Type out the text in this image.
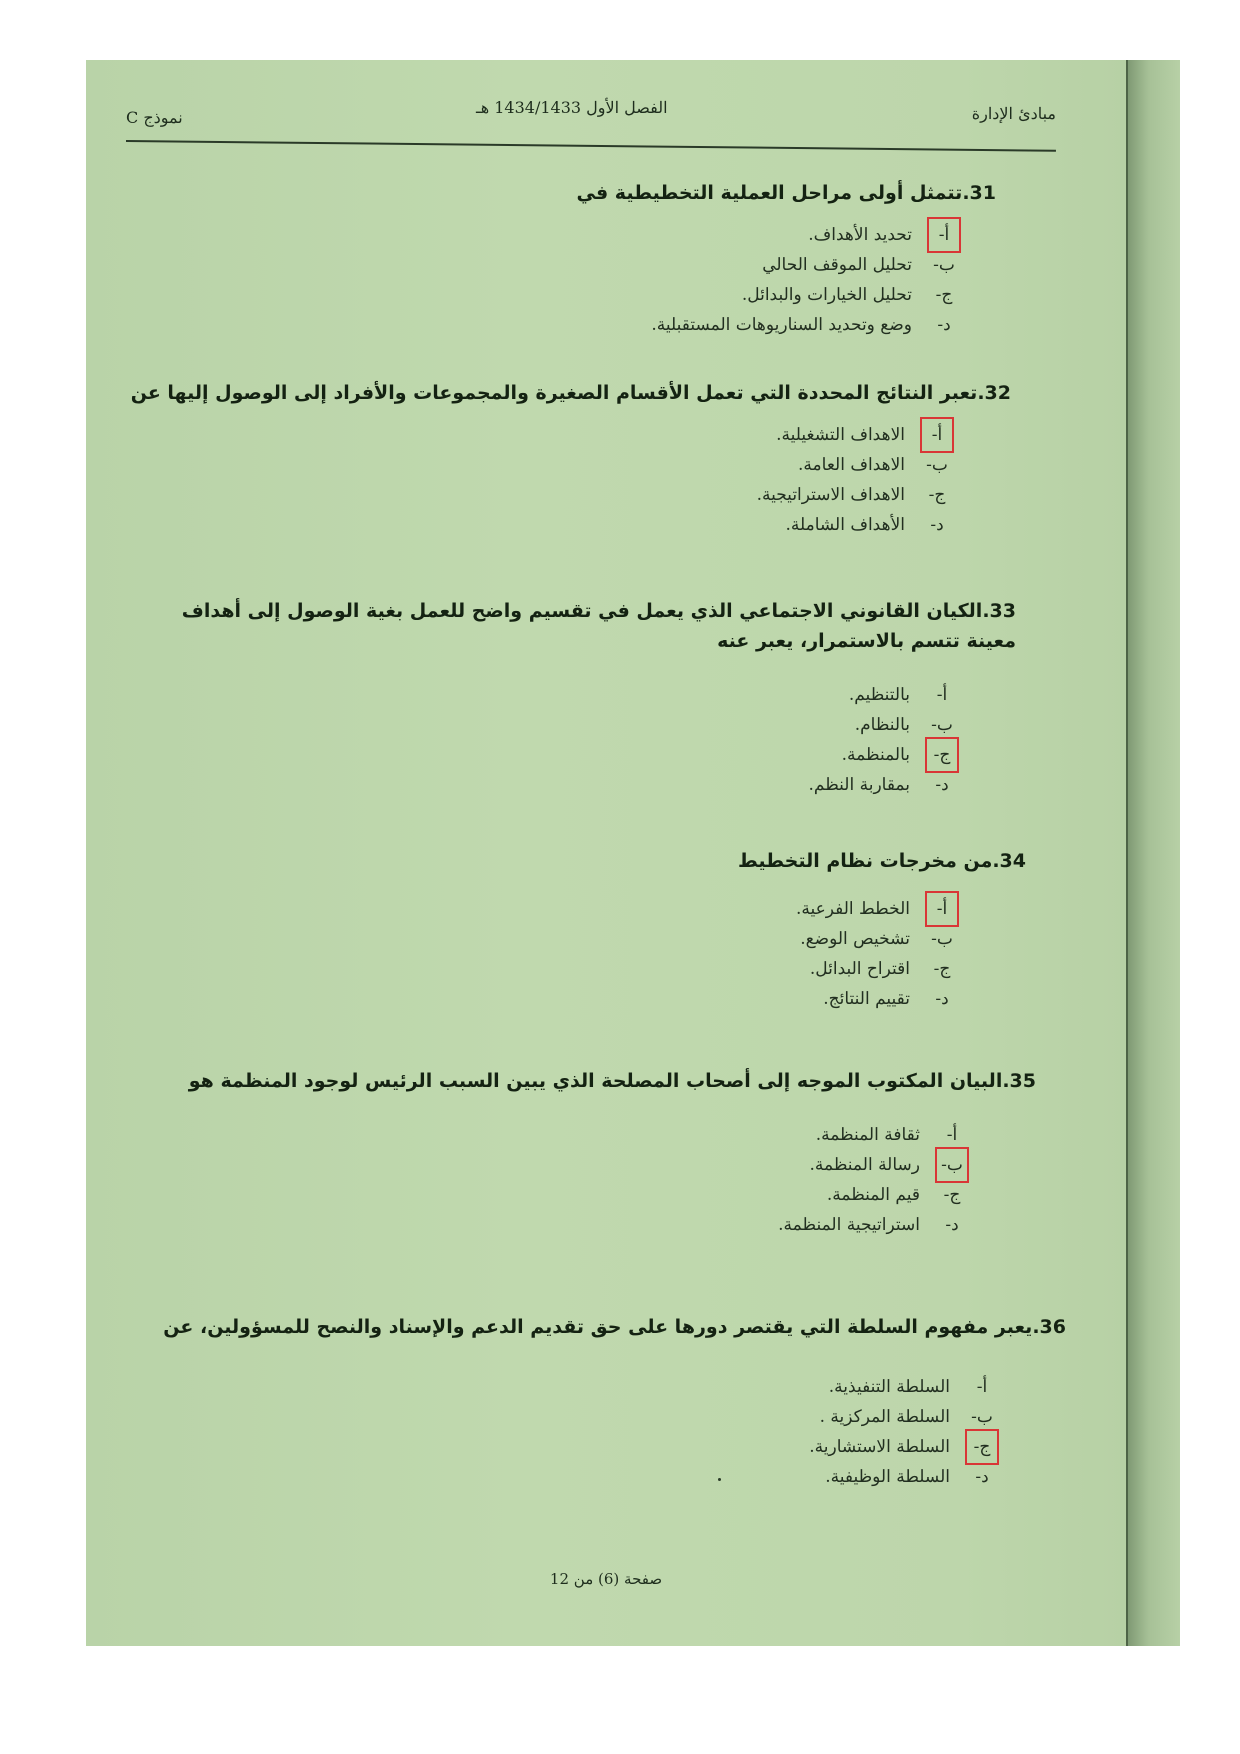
مبادئ الإدارة
الفصل الأول 1434/1433 هـ
نموذج C

31.تتمثل أولى مراحل العملية التخطيطية في

أ-تحديد الأهداف.
ب-تحليل الموقف الحالي
ج-تحليل الخيارات والبدائل.
د-وضع وتحديد السناريوهات المستقبلية.

32.تعبر النتائج المحددة التي تعمل الأقسام الصغيرة والمجموعات والأفراد إلى الوصول إليها عن

أ-الاهداف التشغيلية.
ب-الاهداف العامة.
ج-الاهداف الاستراتيجية.
د-الأهداف الشاملة.

33.الكيان القانوني الاجتماعي الذي يعمل في تقسيم واضح للعمل بغية الوصول إلى أهداف معينة تتسم بالاستمرار، يعبر عنه

أ-بالتنظيم.
ب-بالنظام.
ج-بالمنظمة.
د-بمقاربة النظم.

34.من مخرجات نظام التخطيط

أ-الخطط الفرعية.
ب-تشخيص الوضع.
ج-اقتراح البدائل.
د-تقييم النتائج.

35.البيان المكتوب الموجه إلى أصحاب المصلحة الذي يبين السبب الرئيس لوجود المنظمة هو

أ-ثقافة المنظمة.
ب-رسالة المنظمة.
ج-قيم المنظمة.
د-استراتيجية المنظمة.

36.يعبر مفهوم السلطة التي يقتصر دورها على حق تقديم الدعم والإسناد والنصح للمسؤولين، عن

أ-السلطة التنفيذية.
ب-السلطة المركزية .
ج-السلطة الاستشارية.
د-السلطة الوظيفية.
صفحة (6) من 12
